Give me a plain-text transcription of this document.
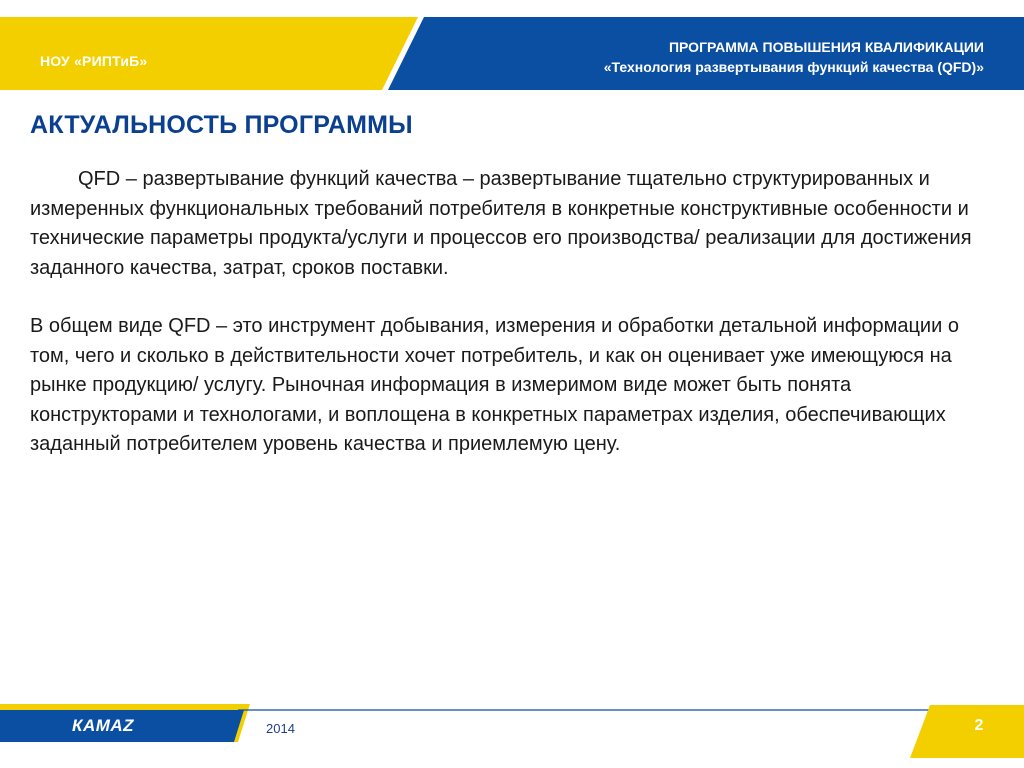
НОУ «РИПТиБ»
ПРОГРАММА ПОВЫШЕНИЯ КВАЛИФИКАЦИИ
«Технология развертывания функций качества (QFD)»
АКТУАЛЬНОСТЬ ПРОГРАММЫ

QFD – развертывание функций качества – развертывание тщательно структурированных и измеренных функциональных требований потребителя в конкретные конструктивные особенности и технические параметры продукта/услуги и процессов его производства/ реализации для достижения заданного качества, затрат, сроков поставки.

В общем виде QFD – это инструмент добывания, измерения и обработки детальной информации о том, чего и сколько в действительности хочет потребитель, и как он оценивает уже имеющуюся на рынке продукцию/ услугу. Рыночная информация в измеримом виде может быть понята конструкторами и технологами, и воплощена в конкретных параметрах изделия, обеспечивающих заданный потребителем уровень качества и приемлемую цену.

КАМАZ	2014	2
